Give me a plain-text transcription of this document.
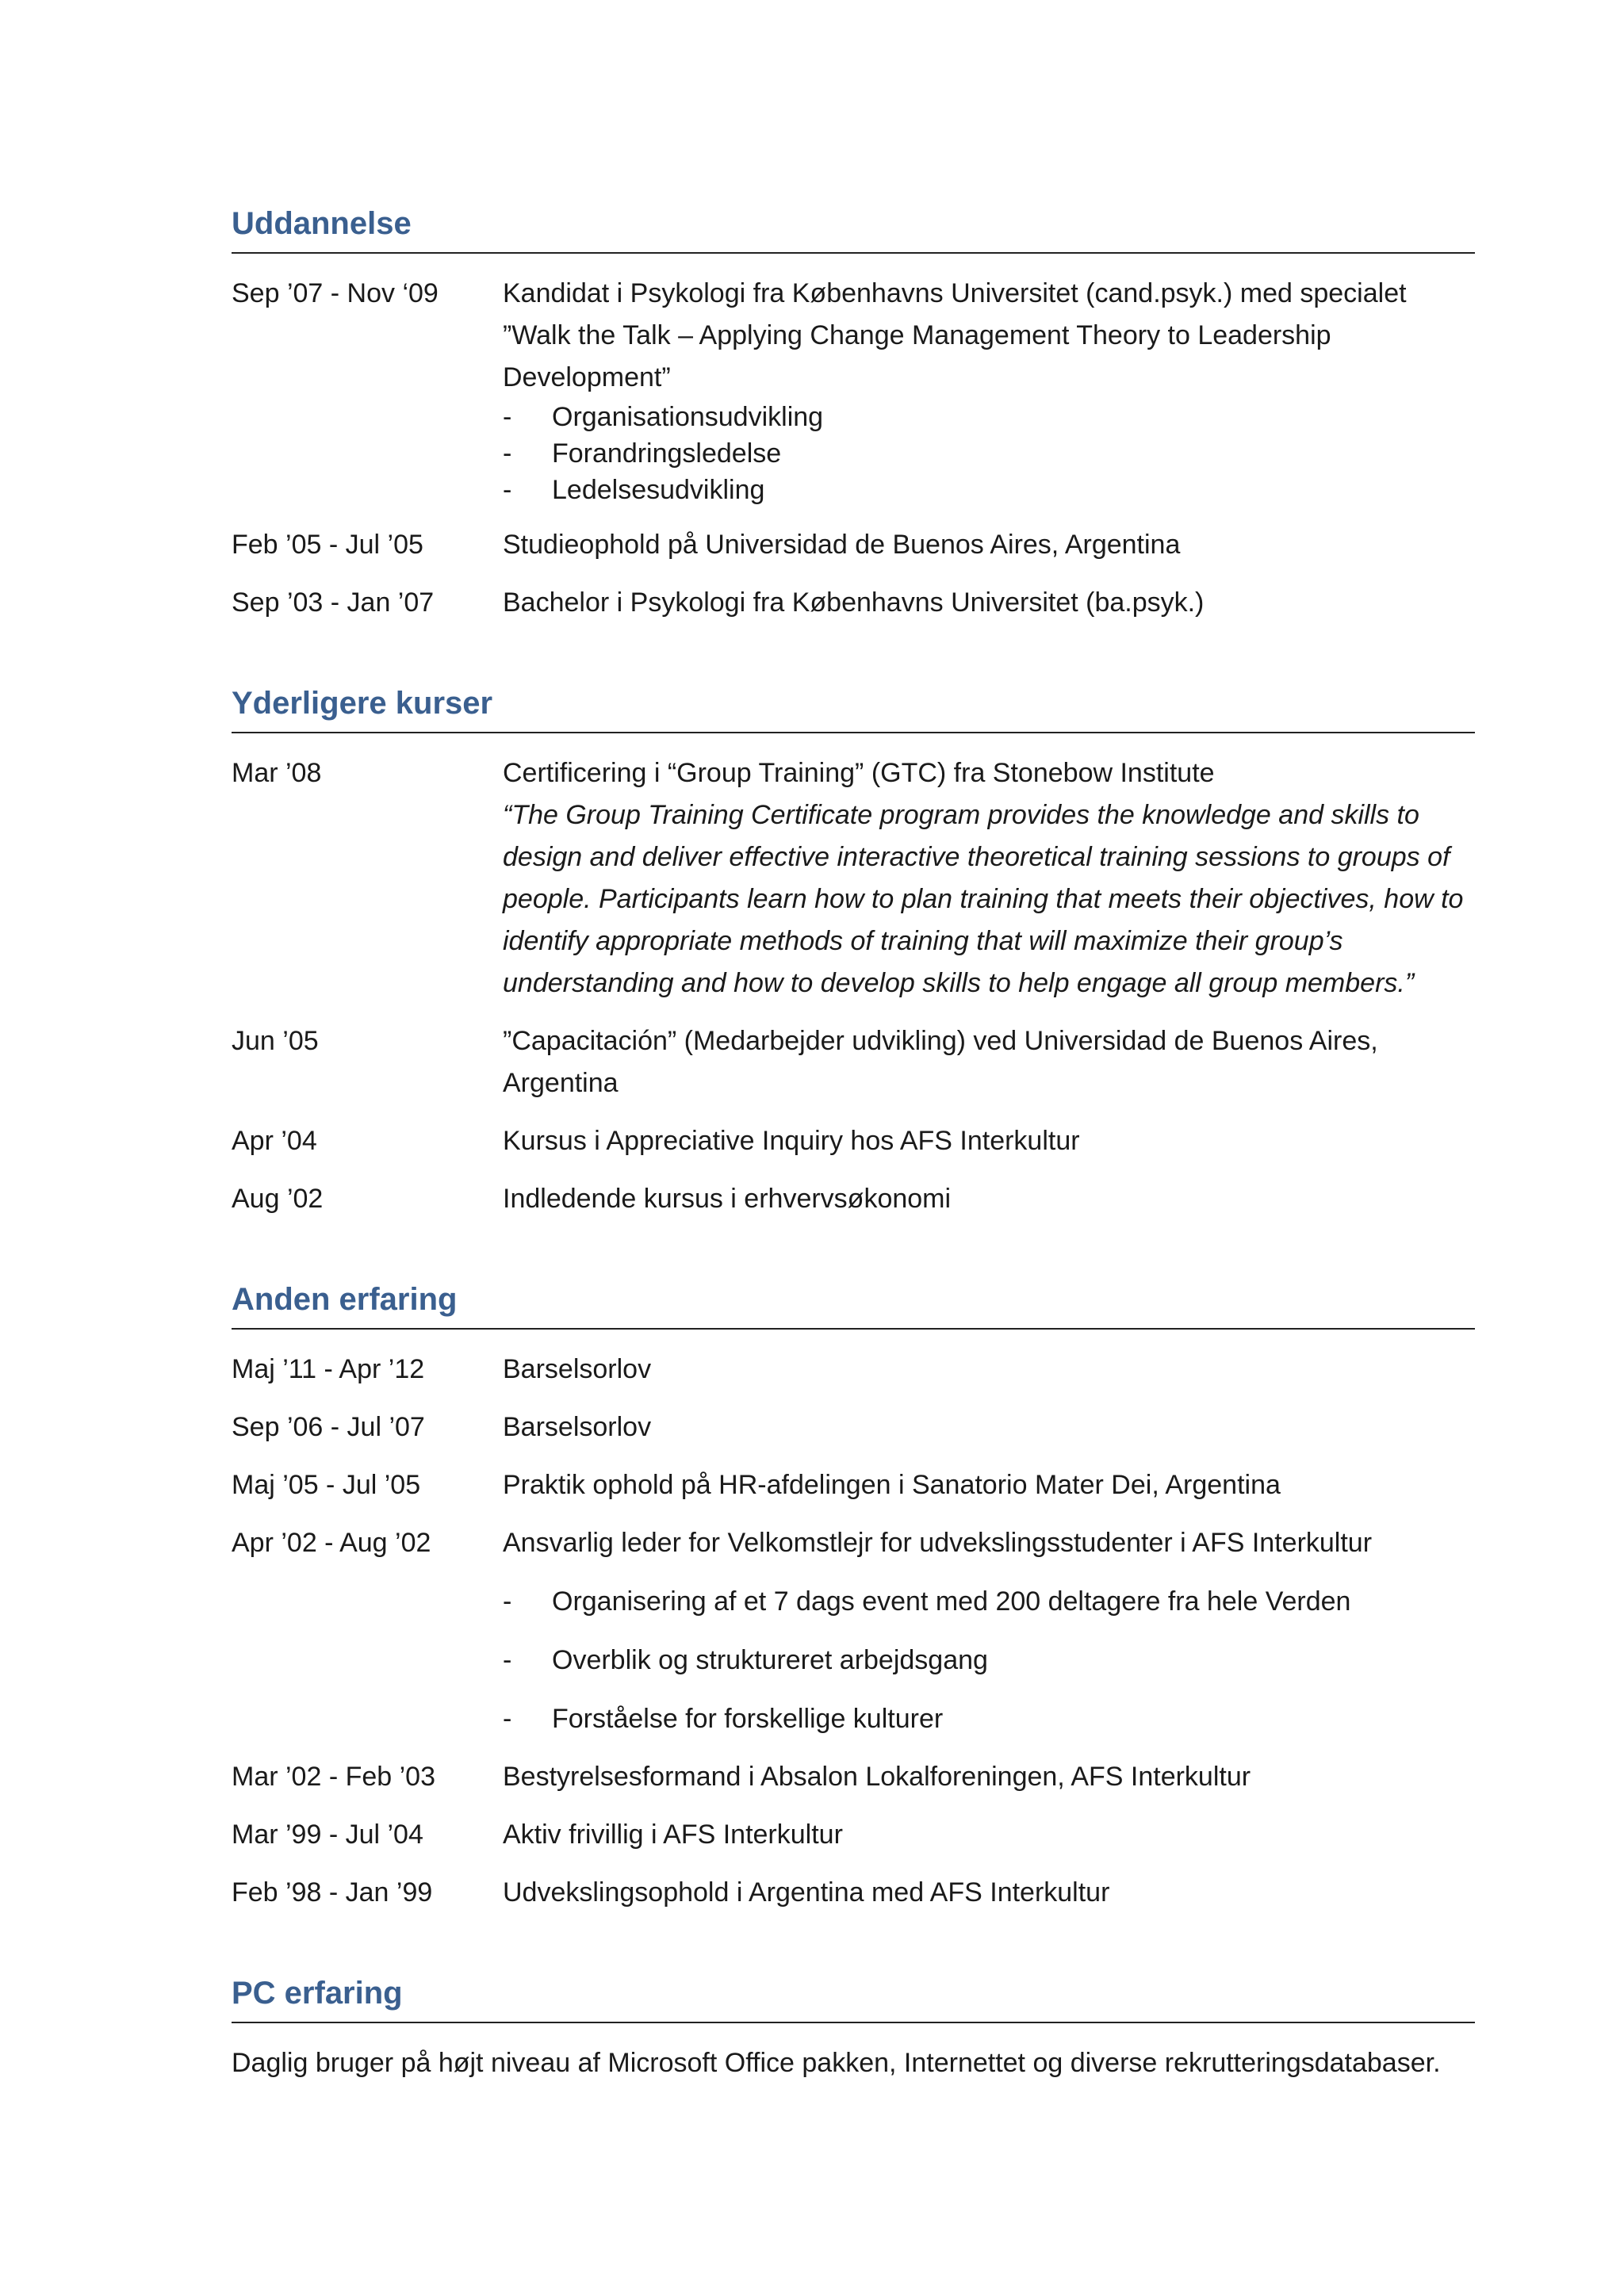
Uddannelse
Sep ’07 - Nov ‘09	Kandidat i Psykologi fra Københavns Universitet (cand.psyk.) med specialet ”Walk the Talk – Applying Change Management Theory to Leadership Development”
-	Organisationsudvikling
-	Forandringsledelse
-	Ledelsesudvikling
Feb ’05 - Jul ’05	Studieophold på Universidad de Buenos Aires, Argentina
Sep ’03 - Jan ’07	Bachelor i Psykologi fra Københavns Universitet (ba.psyk.)
Yderligere kurser
Mar ’08	Certificering i “Group Training” (GTC) fra Stonebow Institute
“The Group Training Certificate program provides the knowledge and skills to design and deliver effective interactive theoretical training sessions to groups of people. Participants learn how to plan training that meets their objectives, how to identify appropriate methods of training that will maximize their group’s understanding and how to develop skills to help engage all group members.”
Jun ’05	”Capacitación” (Medarbejder udvikling) ved Universidad de Buenos Aires, Argentina
Apr ’04	Kursus i Appreciative Inquiry hos AFS Interkultur
Aug ’02	Indledende kursus i erhvervsøkonomi
Anden erfaring
Maj ’11 - Apr ’12	Barselsorlov
Sep ’06 - Jul ’07	Barselsorlov
Maj ’05 - Jul ’05	Praktik ophold på HR-afdelingen i Sanatorio Mater Dei, Argentina
Apr ’02 - Aug ’02	Ansvarlig leder for Velkomstlejr for udvekslingsstudenter i AFS Interkultur
-	Organisering af et 7 dags event med 200 deltagere fra hele Verden
-	Overblik og struktureret arbejdsgang
-	Forståelse for forskellige kulturer
Mar ’02 - Feb ’03	Bestyrelsesformand i Absalon Lokalforeningen, AFS Interkultur
Mar ’99 - Jul ’04	Aktiv frivillig i AFS Interkultur
Feb ’98 - Jan ’99	Udvekslingsophold i Argentina med AFS Interkultur
PC erfaring
Daglig bruger på højt niveau af Microsoft Office pakken, Internettet og diverse rekrutteringsdatabaser.
